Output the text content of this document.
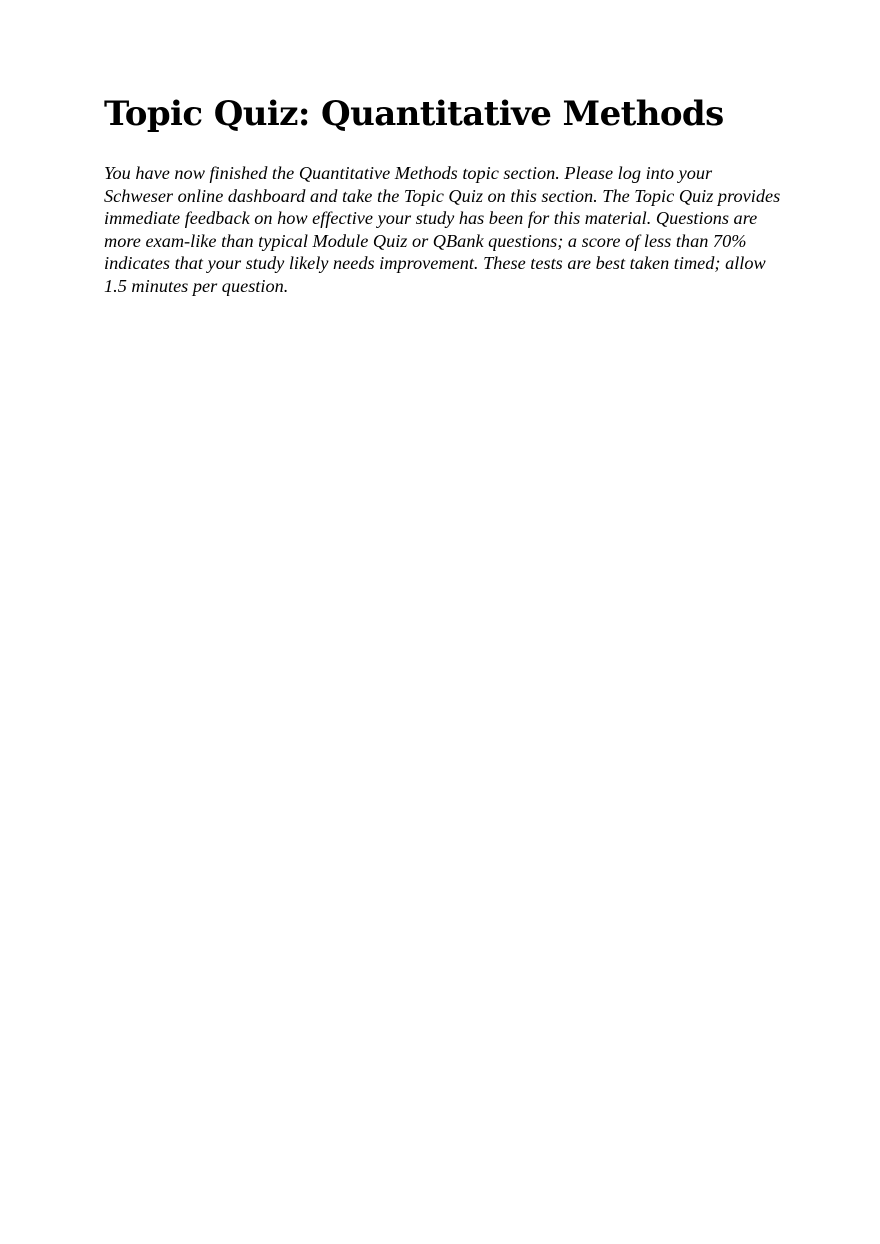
Topic Quiz: Quantitative Methods

You have now finished the Quantitative Methods topic section. Please log into your Schweser online dashboard and take the Topic Quiz on this section. The Topic Quiz provides immediate feedback on how effective your study has been for this material. Questions are more exam-like than typical Module Quiz or QBank questions; a score of less than 70% indicates that your study likely needs improvement. These tests are best taken timed; allow 1.5 minutes per question.
